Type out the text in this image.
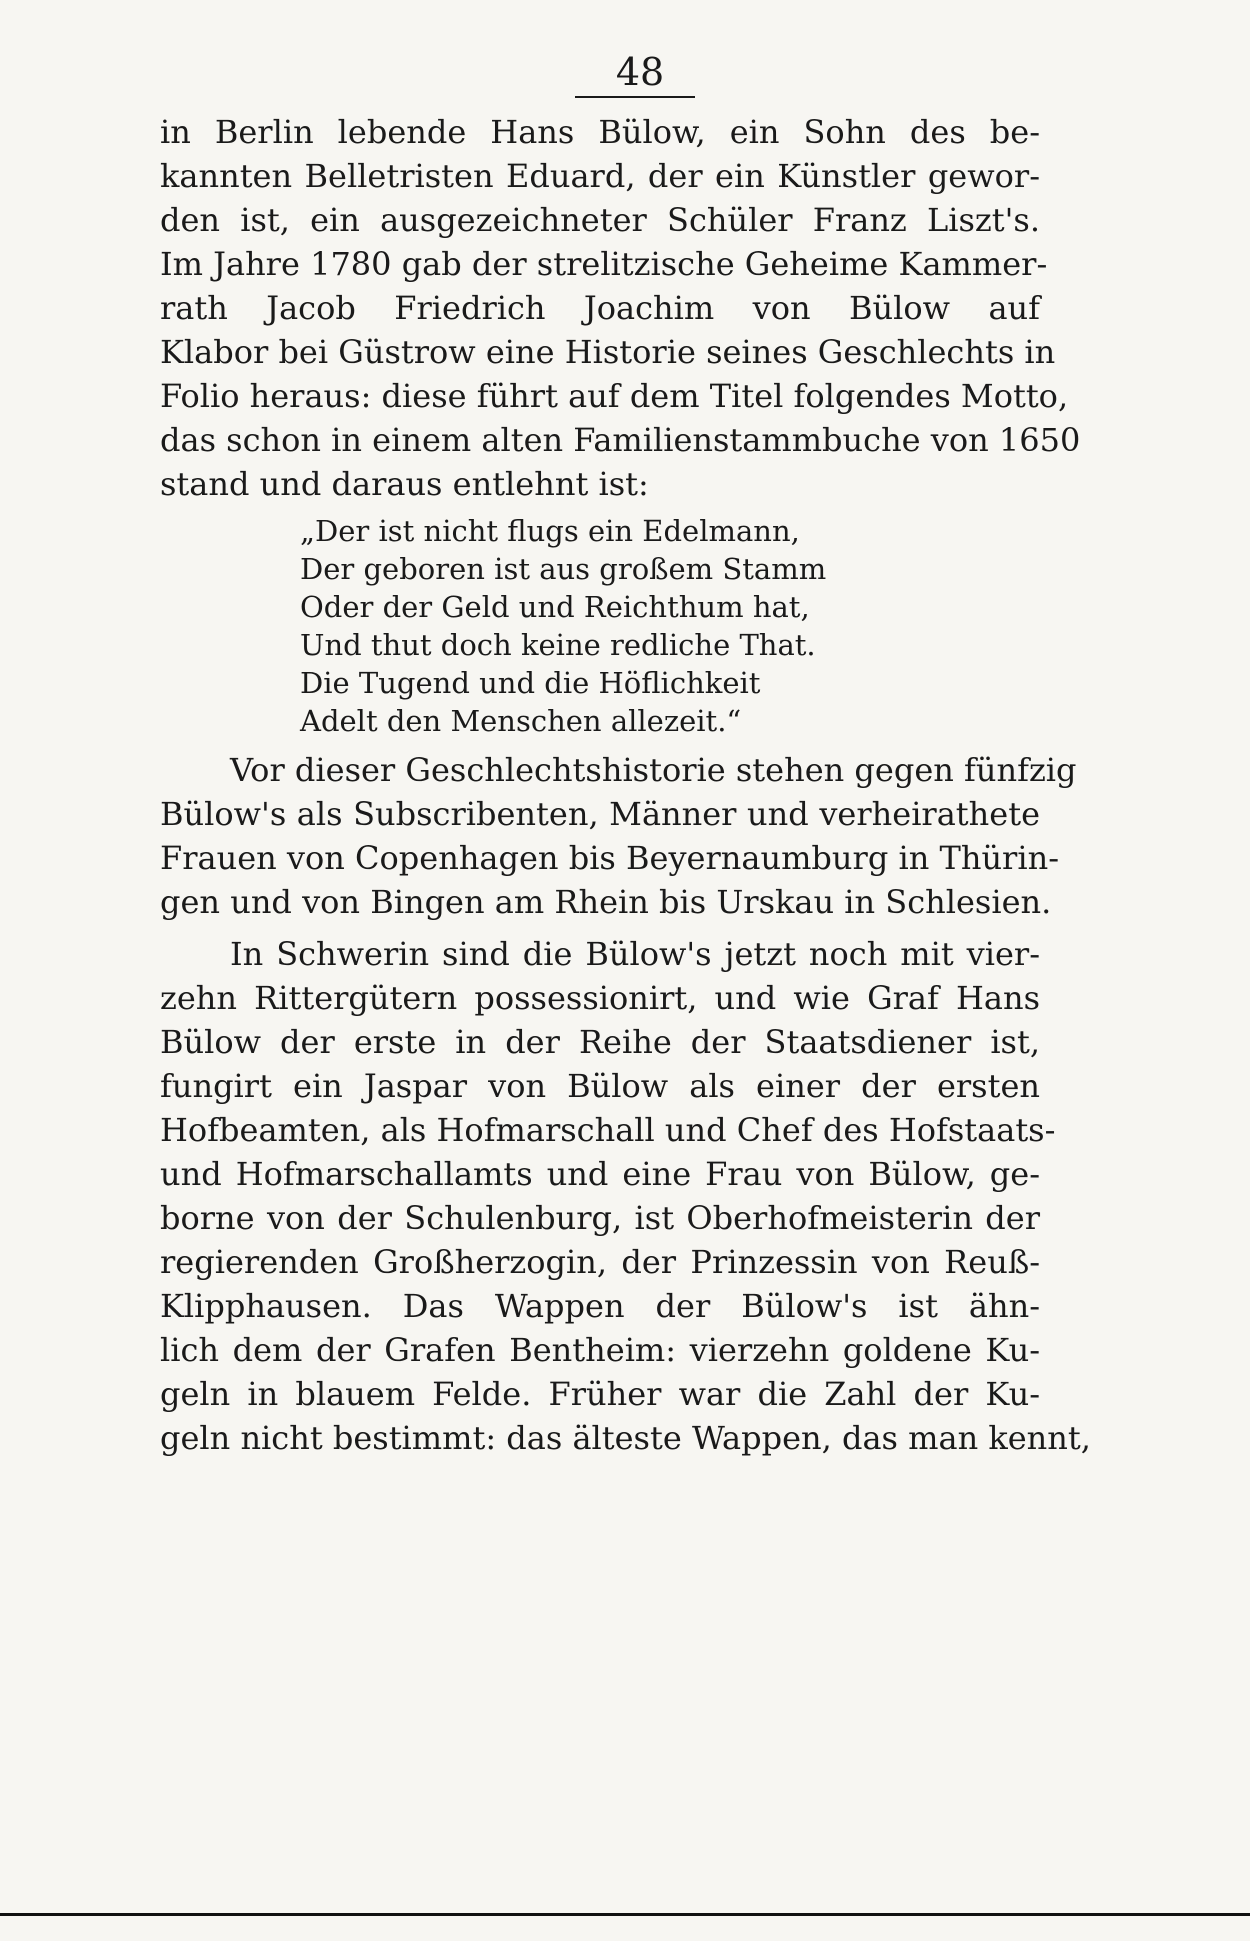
48
in Berlin lebende Hans Bülow, ein Sohn des be-
kannten Belletristen Eduard, der ein Künstler gewor-
den ist, ein ausgezeichneter Schüler Franz Liszt's.
Im Jahre 1780 gab der strelitzische Geheime Kammer-
rath Jacob Friedrich Joachim von Bülow auf
Klabor bei Güstrow eine Historie seines Geschlechts in
Folio heraus: diese führt auf dem Titel folgendes Motto,
das schon in einem alten Familienstammbuche von 1650
stand und daraus entlehnt ist:
„Der ist nicht flugs ein Edelmann,
Der geboren ist aus großem Stamm
Oder der Geld und Reichthum hat,
Und thut doch keine redliche That.
Die Tugend und die Höflichkeit
Adelt den Menschen allezeit.“
Vor dieser Geschlechtshistorie stehen gegen fünfzig
Bülow's als Subscribenten, Männer und verheirathete
Frauen von Copenhagen bis Beyernaumburg in Thürin-
gen und von Bingen am Rhein bis Urskau in Schlesien.
In Schwerin sind die Bülow's jetzt noch mit vier-
zehn Rittergütern possessionirt, und wie Graf Hans
Bülow der erste in der Reihe der Staatsdiener ist,
fungirt ein Jaspar von Bülow als einer der ersten
Hofbeamten, als Hofmarschall und Chef des Hofstaats-
und Hofmarschallamts und eine Frau von Bülow, ge-
borne von der Schulenburg, ist Oberhofmeisterin der
regierenden Großherzogin, der Prinzessin von Reuß-
Klipphausen. Das Wappen der Bülow's ist ähn-
lich dem der Grafen Bentheim: vierzehn goldene Ku-
geln in blauem Felde. Früher war die Zahl der Ku-
geln nicht bestimmt: das älteste Wappen, das man kennt,
